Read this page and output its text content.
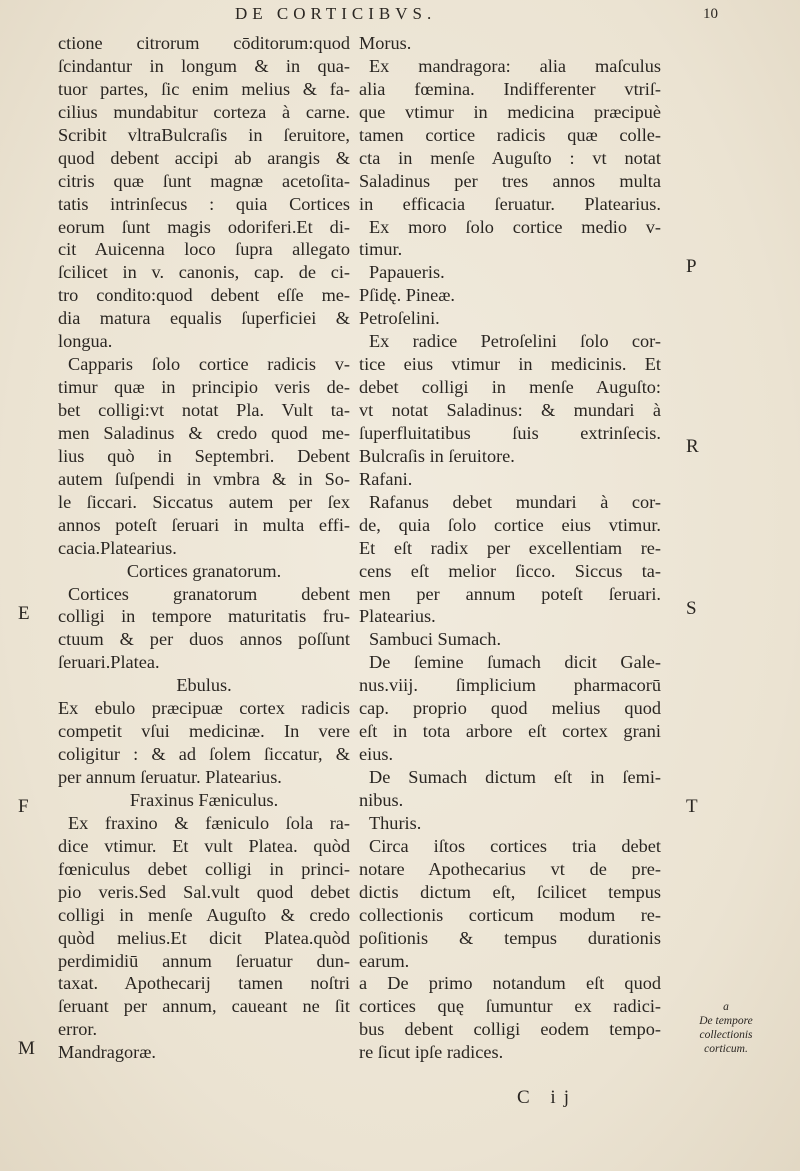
DE CORTICIBVS.	10
ctione citrorum cōditorum:quod
ſcindantur in longum & in qua-
tuor partes, ſic enim melius & fa-
cilius mundabitur corteza à carne.
Scribit vltraBulcraſis in ſeruitore,
quod debent accipi ab arangis &
citris quæ ſunt magnæ acetoſita-
tatis intrinſecus : quia Cortices
eorum ſunt magis odoriferi.Et di-
cit Auicenna loco ſupra allegato
ſcilicet in v. canonis, cap. de ci-
tro condito:quod debent eſſe me-
dia matura equalis ſuperficiei &
longua.
Capparis ſolo cortice radicis v-
timur quæ in principio veris de-
bet colligi:vt notat Pla. Vult ta-
men Saladinus & credo quod me-
lius quò in Septembri. Debent
autem ſuſpendi in vmbra & in So-
le ſiccari. Siccatus autem per ſex
annos poteſt ſeruari in multa effi-
cacia.Platearius.
Cortices granatorum.
Cortices granatorum debent
colligi in tempore maturitatis fru-
ctuum & per duos annos poſſunt
ſeruari.Platea.
Ebulus.
Ex ebulo præcipuæ cortex radicis
competit vſui medicinæ. In vere
coligitur : & ad ſolem ſiccatur, &
per annum ſeruatur. Platearius.
Fraxinus Fæniculus.
Ex fraxino & fæniculo ſola ra-
dice vtimur. Et vult Platea. quòd
fœniculus debet colligi in princi-
pio veris.Sed Sal.vult quod debet
colligi in menſe Auguſto & credo
quòd melius.Et dicit Platea.quòd
perdimidiū annum ſeruatur dun-
taxat. Apothecarij tamen noſtri
ſeruant per annum, caueant ne ſit
error.
Mandragoræ.
Morus.
Ex mandragora: alia maſculus
alia fœmina. Indifferenter vtriſ-
que vtimur in medicina præcipuè
tamen cortice radicis quæ colle-
cta in menſe Auguſto : vt notat
Saladinus per tres annos multa
in efficacia ſeruatur. Platearius.
Ex moro ſolo cortice medio v-
timur.
Papaueris.
Pſidę. Pineæ.
Petroſelini.
Ex radice Petroſelini ſolo cor-
tice eius vtimur in medicinis. Et
debet colligi in menſe Auguſto:
vt notat Saladinus: & mundari à
ſuperfluitatibus ſuis extrinſecis.
Bulcraſis in ſeruitore.
Rafani.
Rafanus debet mundari à cor-
de, quia ſolo cortice eius vtimur.
Et eſt radix per excellentiam re-
cens eſt melior ſicco. Siccus ta-
men per annum poteſt ſeruari.
Platearius.
Sambuci Sumach.
De ſemine ſumach dicit Gale-
nus.viij. ſimplicium pharmacorū
cap. proprio quod melius quod
eſt in tota arbore eſt cortex grani
eius.
De Sumach dictum eſt in ſemi-
nibus.
Thuris.
Circa iſtos cortices tria debet
notare Apothecarius vt de pre-
dictis dictum eſt, ſcilicet tempus
collectionis corticum modum re-
poſitionis & tempus durationis
earum.
a De primo notandum eſt quod
cortices quę ſumuntur ex radici-
bus debent colligi eodem tempo-
re ſicut ipſe radices.
E
F
M
P
R
S
T
a
De tempore collectionis corticum.
C ij
